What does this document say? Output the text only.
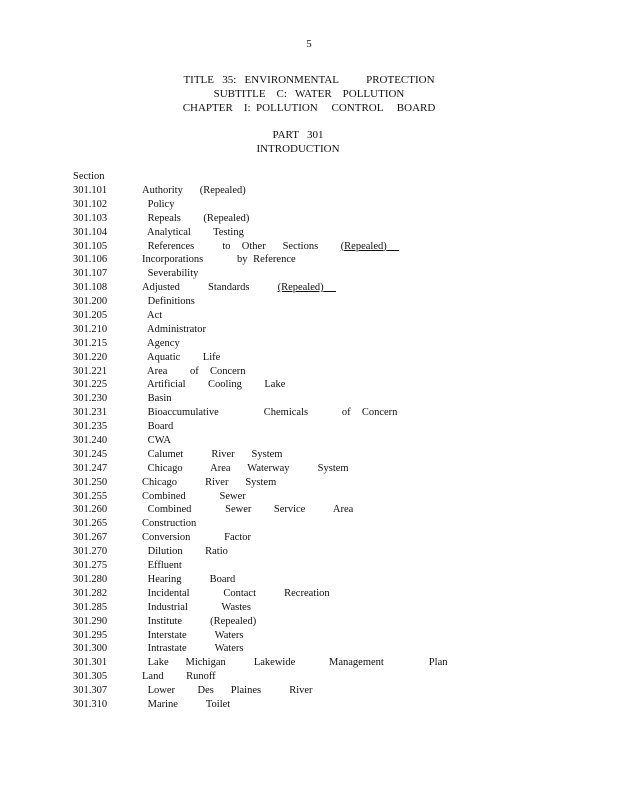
5
TITLE   35:   ENVIRONMENTAL          PROTECTION
SUBTITLE    C:   WATER    POLLUTION
CHAPTER    I:  POLLUTION     CONTROL     BOARD
PART   301
INTRODUCTION
Section
301.101	Authority   (Repealed)
301.102	Policy
301.103	Repeals    (Repealed)
301.104	Analytical    Testing
301.105	References     to  Other   Sections (Repealed)
301.106	Incorporations      by Reference
301.107	Severability
301.108	Adjusted     Standards (Repealed)
301.200	Definitions
301.205	Act
301.210	Administrator
301.215	Agency
301.220	Aquatic    Life
301.221	Area    of  Concern
301.225	Artificial    Cooling    Lake
301.230	Basin
301.231	Bioaccumulative        Chemicals      of  Concern
301.235	Board
301.240	CWA
301.245	Calumet     River   System
301.247	Chicago     Area   Waterway     System
301.250	Chicago     River   System
301.255	Combined      Sewer
301.260	Combined      Sewer    Service     Area
301.265	Construction
301.267	Conversion      Factor
301.270	Dilution    Ratio
301.275	Effluent
301.280	Hearing     Board
301.282	Incidental      Contact     Recreation
301.285	Industrial      Wastes
301.290	Institute     (Repealed)
301.295	Interstate     Waters
301.300	Intrastate     Waters
301.301	Lake   Michigan     Lakewide      Management        Plan
301.305	Land    Runoff
301.307	Lower    Des   Plaines     River
301.310	Marine     Toilet
